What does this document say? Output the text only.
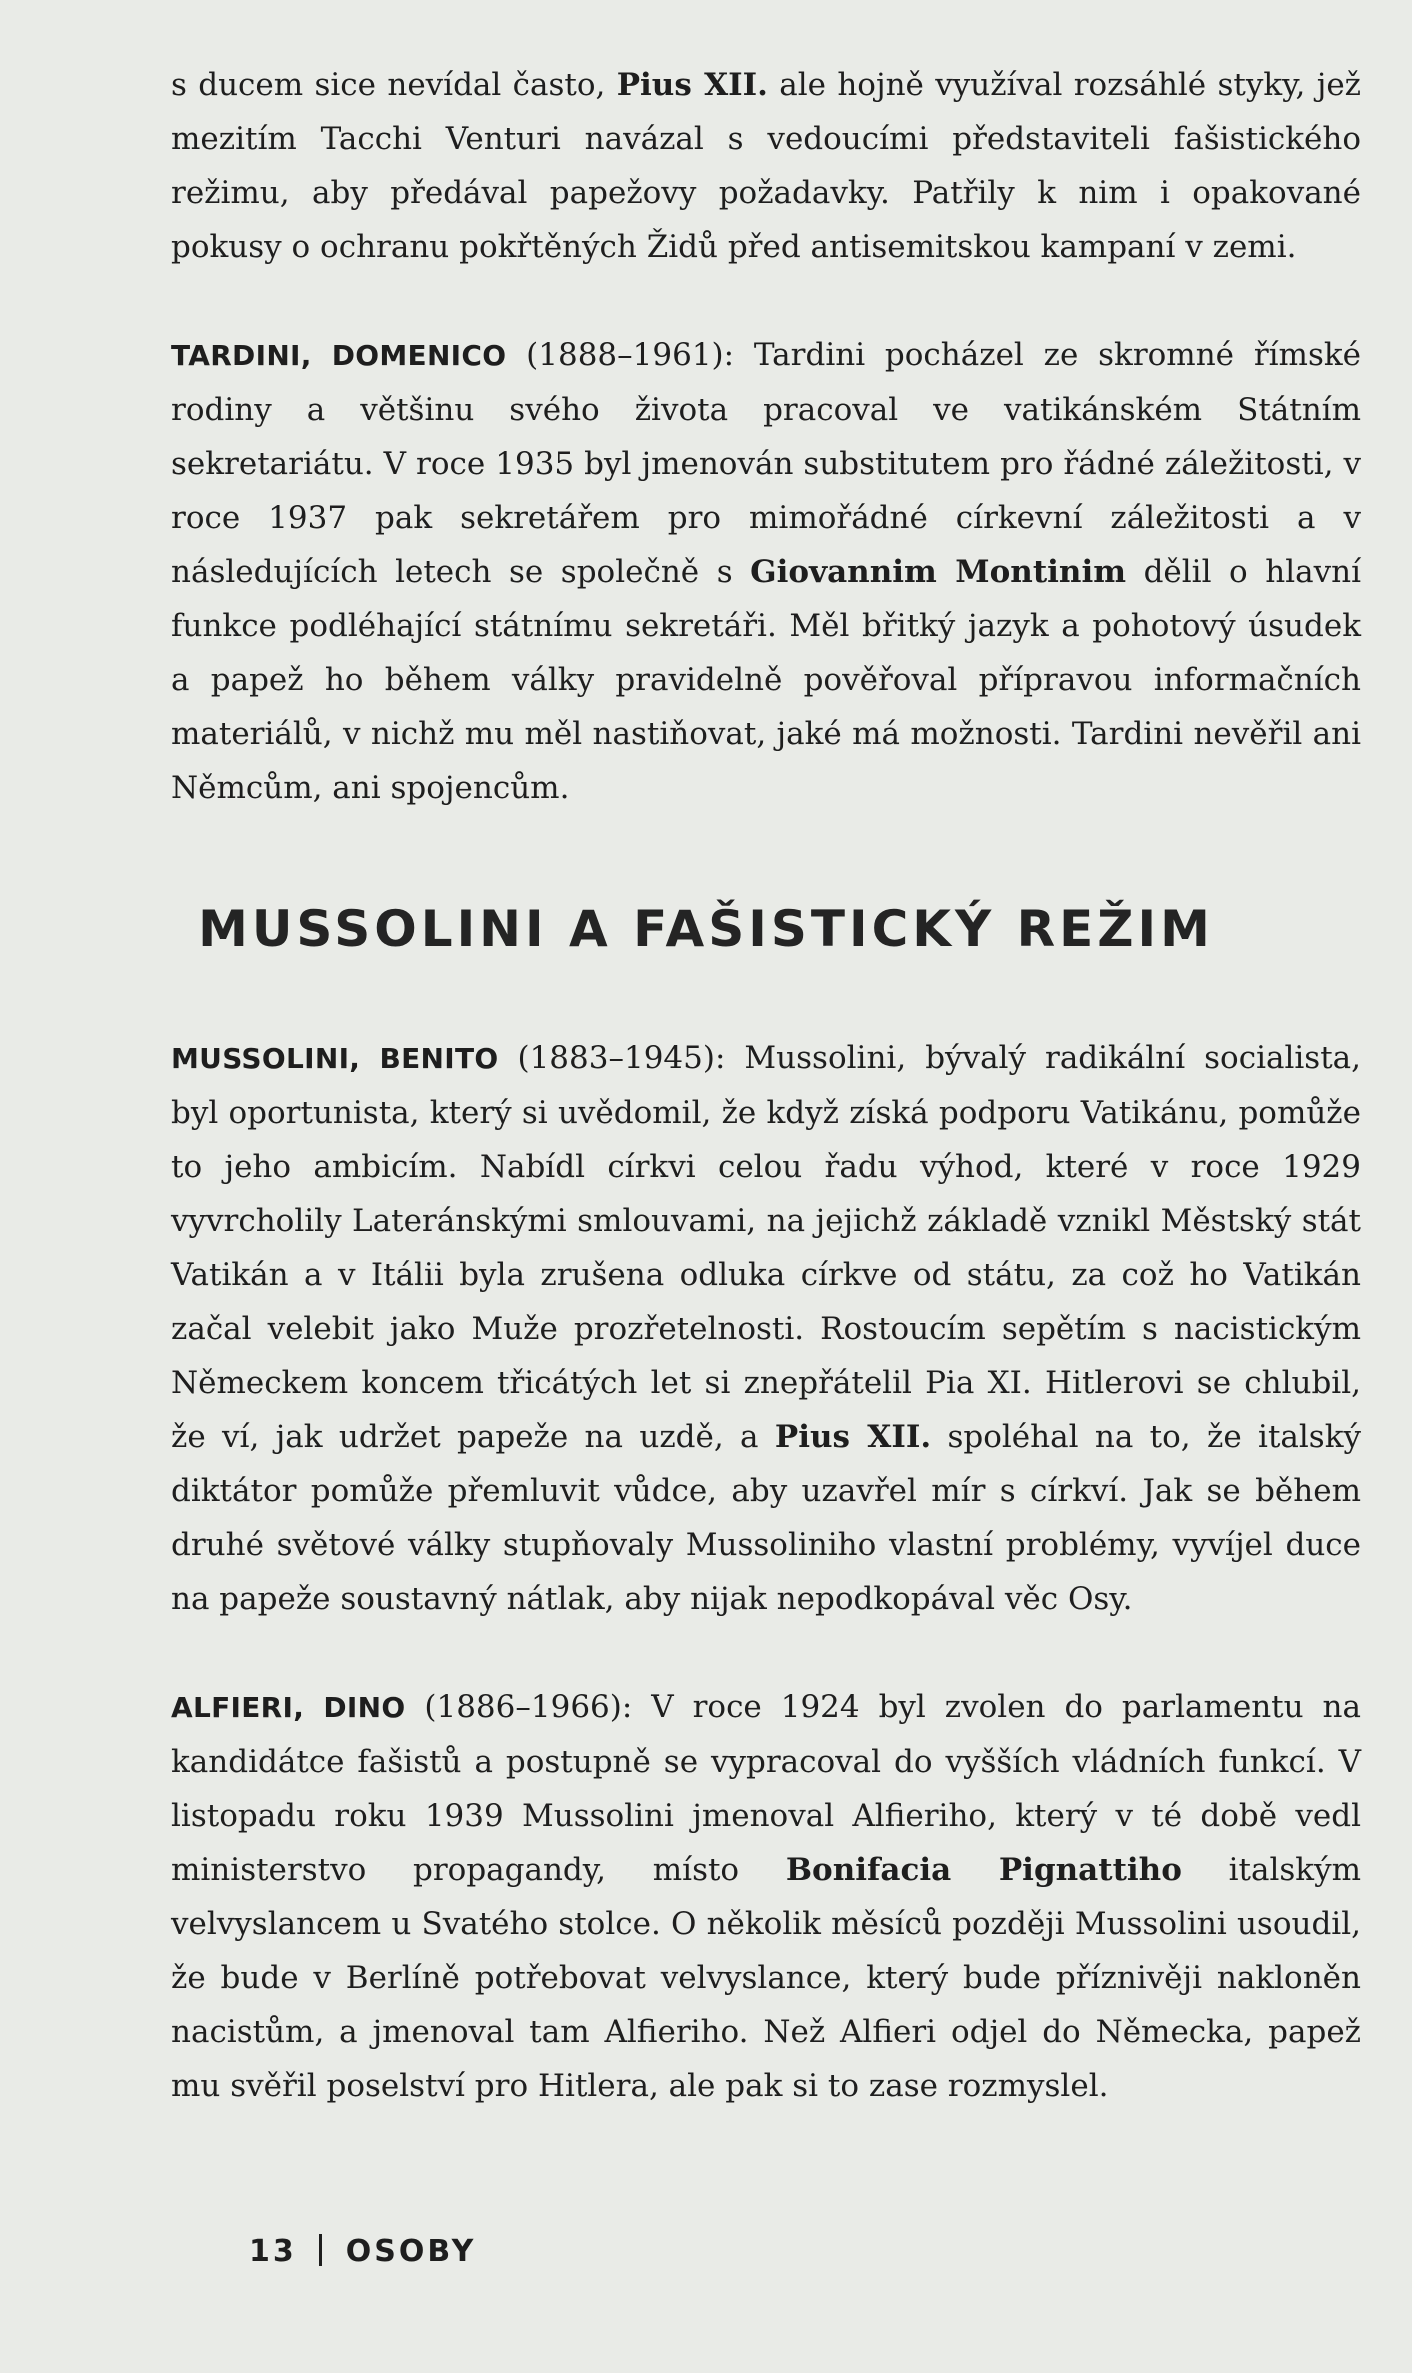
s ducem sice nevídal často, Pius XII. ale hojně využíval rozsáhlé styky, jež mezitím Tacchi Venturi navázal s vedoucími představiteli fašistického režimu, aby předával papežovy požadavky. Patřily k nim i opakované pokusy o ochranu pokřtěných Židů před antisemitskou kampaní v zemi.

TARDINI, DOMENICO (1888–1961): Tardini pocházel ze skromné římské rodiny a většinu svého života pracoval ve vatikánském Státním sekretariátu. V roce 1935 byl jmenován substitutem pro řádné záležitosti, v roce 1937 pak sekretářem pro mimořádné církevní záležitosti a v následujících letech se společně s Giovannim Montinim dělil o hlavní funkce podléhající státnímu sekretáři. Měl břitký jazyk a pohotový úsudek a papež ho během války pravidelně pověřoval přípravou informačních materiálů, v nichž mu měl nastiňovat, jaké má možnosti. Tardini nevěřil ani Němcům, ani spojencům.

MUSSOLINI A FAŠISTICKÝ REŽIM

MUSSOLINI, BENITO (1883–1945): Mussolini, bývalý radikální socialista, byl oportunista, který si uvědomil, že když získá podporu Vatikánu, pomůže to jeho ambicím. Nabídl církvi celou řadu výhod, které v roce 1929 vyvrcholily Lateránskými smlouvami, na jejichž základě vznikl Městský stát Vatikán a v Itálii byla zrušena odluka církve od státu, za což ho Vatikán začal velebit jako Muže prozřetelnosti. Rostoucím sepětím s nacistickým Německem koncem třicátých let si znepřátelil Pia XI. Hitlerovi se chlubil, že ví, jak udržet papeže na uzdě, a Pius XII. spoléhal na to, že italský diktátor pomůže přemluvit vůdce, aby uzavřel mír s církví. Jak se během druhé světové války stupňovaly Mussoliniho vlastní problémy, vyvíjel duce na papeže soustavný nátlak, aby nijak nepodkopával věc Osy.

ALFIERI, DINO (1886–1966): V roce 1924 byl zvolen do parlamentu na kandidátce fašistů a postupně se vypracoval do vyšších vládních funkcí. V listopadu roku 1939 Mussolini jmenoval Alfieriho, který v té době vedl ministerstvo propagandy, místo Bonifacia Pignattiho italským velvyslancem u Svatého stolce. O několik měsíců později Mussolini usoudil, že bude v Berlíně potřebovat velvyslance, který bude příznivěji nakloněn nacistům, a jmenoval tam Alfieriho. Než Alfieri odjel do Německa, papež mu svěřil poselství pro Hitlera, ale pak si to zase rozmyslel.

13 OSOBY
